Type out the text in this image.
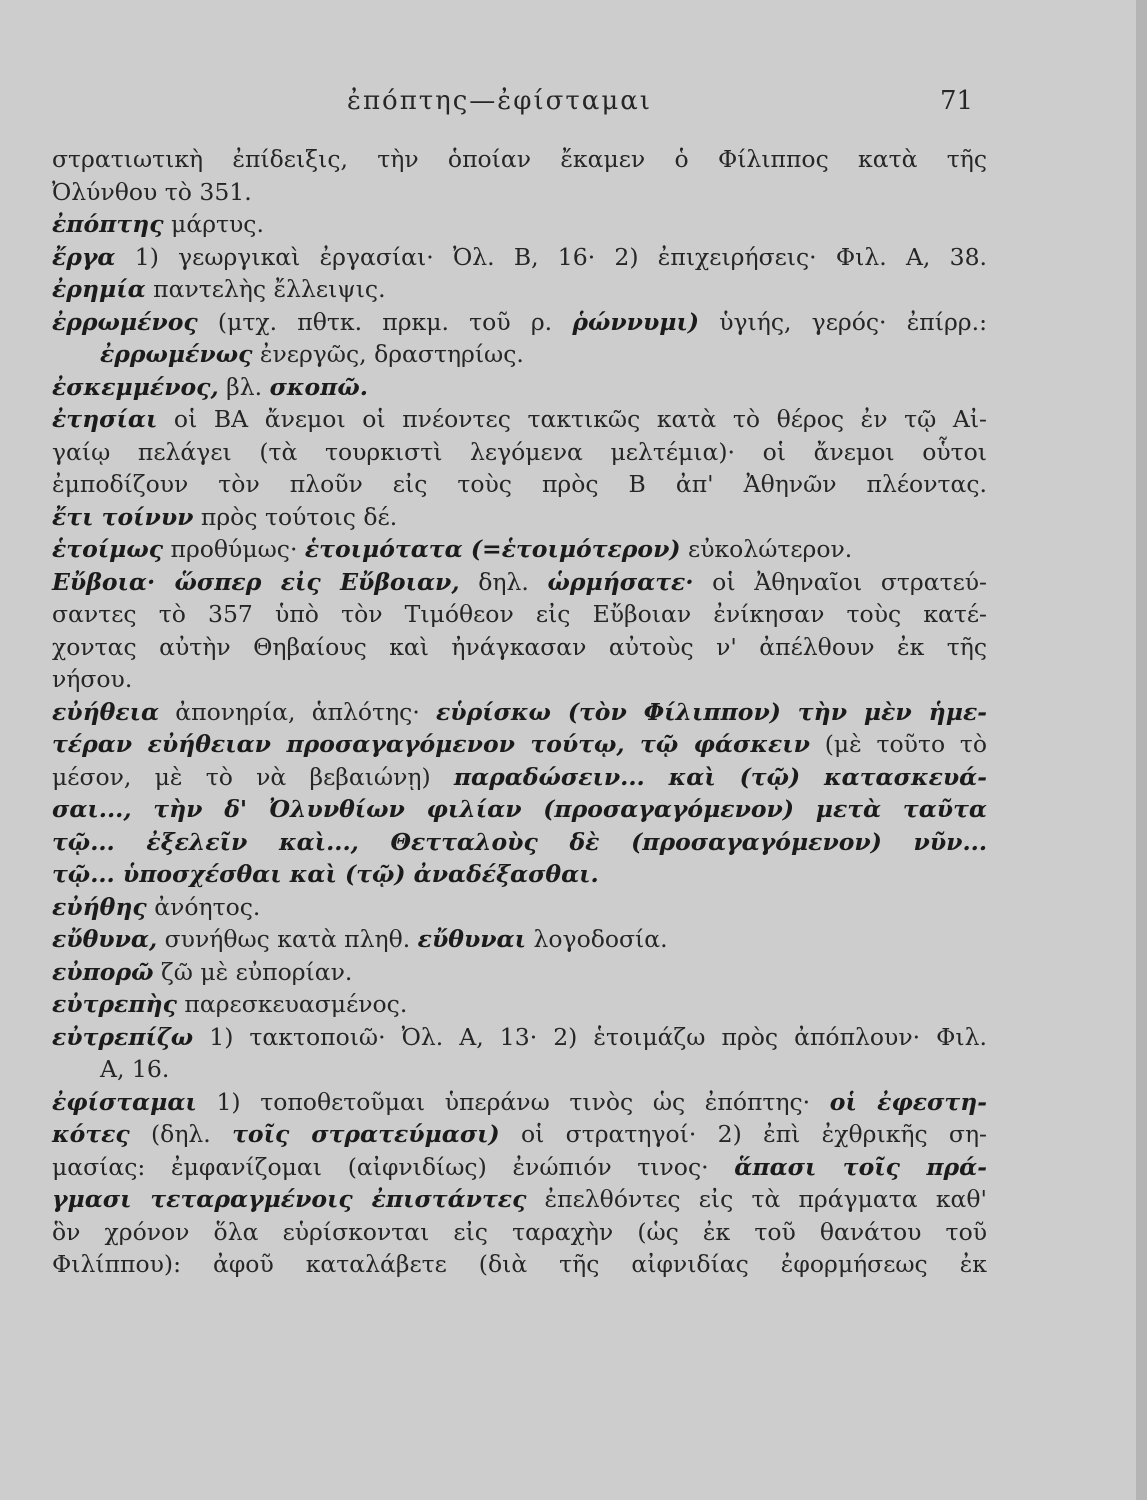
ἐπόπτης—ἐφίσταμαι	71
στρατιωτικὴ ἐπίδειξις, τὴν ὁποίαν ἔκαμεν ὁ Φίλιππος κατὰ τῆς
Ὀλύνθου τὸ 351.
ἐπόπτης μάρτυς.
ἔργα 1) γεωργικαὶ ἐργασίαι· Ὀλ. Β, 16· 2) ἐπιχειρήσεις· Φιλ. Α, 38.
ἐρημία παντελὴς ἔλλειψις.
ἐρρωμένος (μτχ. πθτκ. πρκμ. τοῦ ρ. ῥώννυμι) ὑγιής, γερός· ἐπίρρ.:
ἐρρωμένως ἐνεργῶς, δραστηρίως.
ἐσκεμμένος, βλ. σκοπῶ.
ἐτησίαι οἱ ΒΑ ἄνεμοι οἱ πνέοντες τακτικῶς κατὰ τὸ θέρος ἐν τῷ Αἰ-
γαίῳ πελάγει (τὰ τουρκιστὶ λεγόμενα μελτέμια)· οἱ ἄνεμοι οὗτοι
ἐμποδίζουν τὸν πλοῦν εἰς τοὺς πρὸς Β ἀπ' Ἀθηνῶν πλέοντας.
ἔτι τοίνυν πρὸς τούτοις δέ.
ἑτοίμως προθύμως· ἑτοιμότατα (=ἑτοιμότερον) εὐκολώτερον.
Εὔβοια· ὥσπερ εἰς Εὔβοιαν, δηλ. ὡρμήσατε· οἱ Ἀθηναῖοι στρατεύ-
σαντες τὸ 357 ὑπὸ τὸν Τιμόθεον εἰς Εὔβοιαν ἐνίκησαν τοὺς κατέ-
χοντας αὐτὴν Θηβαίους καὶ ἠνάγκασαν αὐτοὺς ν' ἀπέλθουν ἐκ τῆς
νήσου.
εὐήθεια ἀπονηρία, ἁπλότης· εὑρίσκω (τὸν Φίλιππον) τὴν μὲν ἡμε-
τέραν εὐήθειαν προσαγαγόμενον τούτῳ, τῷ φάσκειν (μὲ τοῦτο τὸ
μέσον, μὲ τὸ νὰ βεβαιώνῃ) παραδώσειν... καὶ (τῷ) κατασκευά-
σαι..., τὴν δ' Ὀλυνθίων φιλίαν (προσαγαγόμενον) μετὰ ταῦτα
τῷ... ἐξελεῖν καὶ..., Θετταλοὺς δὲ (προσαγαγόμενον) νῦν...
τῷ... ὑποσχέσθαι καὶ (τῷ) ἀναδέξασθαι.
εὐήθης ἀνόητος.
εὔθυνα, συνήθως κατὰ πληθ. εὔθυναι λογοδοσία.
εὐπορῶ ζῶ μὲ εὐπορίαν.
εὐτρεπὴς παρεσκευασμένος.
εὐτρεπίζω 1) τακτοποιῶ· Ὀλ. Α, 13· 2) ἑτοιμάζω πρὸς ἀπόπλουν· Φιλ.
Α, 16.
ἐφίσταμαι 1) τοποθετοῦμαι ὑπεράνω τινὸς ὡς ἐπόπτης· οἱ ἐφεστη-
κότες (δηλ. τοῖς στρατεύμασι) οἱ στρατηγοί· 2) ἐπὶ ἐχθρικῆς ση-
μασίας: ἐμφανίζομαι (αἰφνιδίως) ἐνώπιόν τινος· ἅπασι τοῖς πρά-
γμασι τεταραγμένοις ἐπιστάντες ἐπελθόντες εἰς τὰ πράγματα καθ'
ὃν χρόνον ὅλα εὑρίσκονται εἰς ταραχὴν (ὡς ἐκ τοῦ θανάτου τοῦ
Φιλίππου): ἀφοῦ καταλάβετε (διὰ τῆς αἰφνιδίας ἐφορμήσεως ἐκ
